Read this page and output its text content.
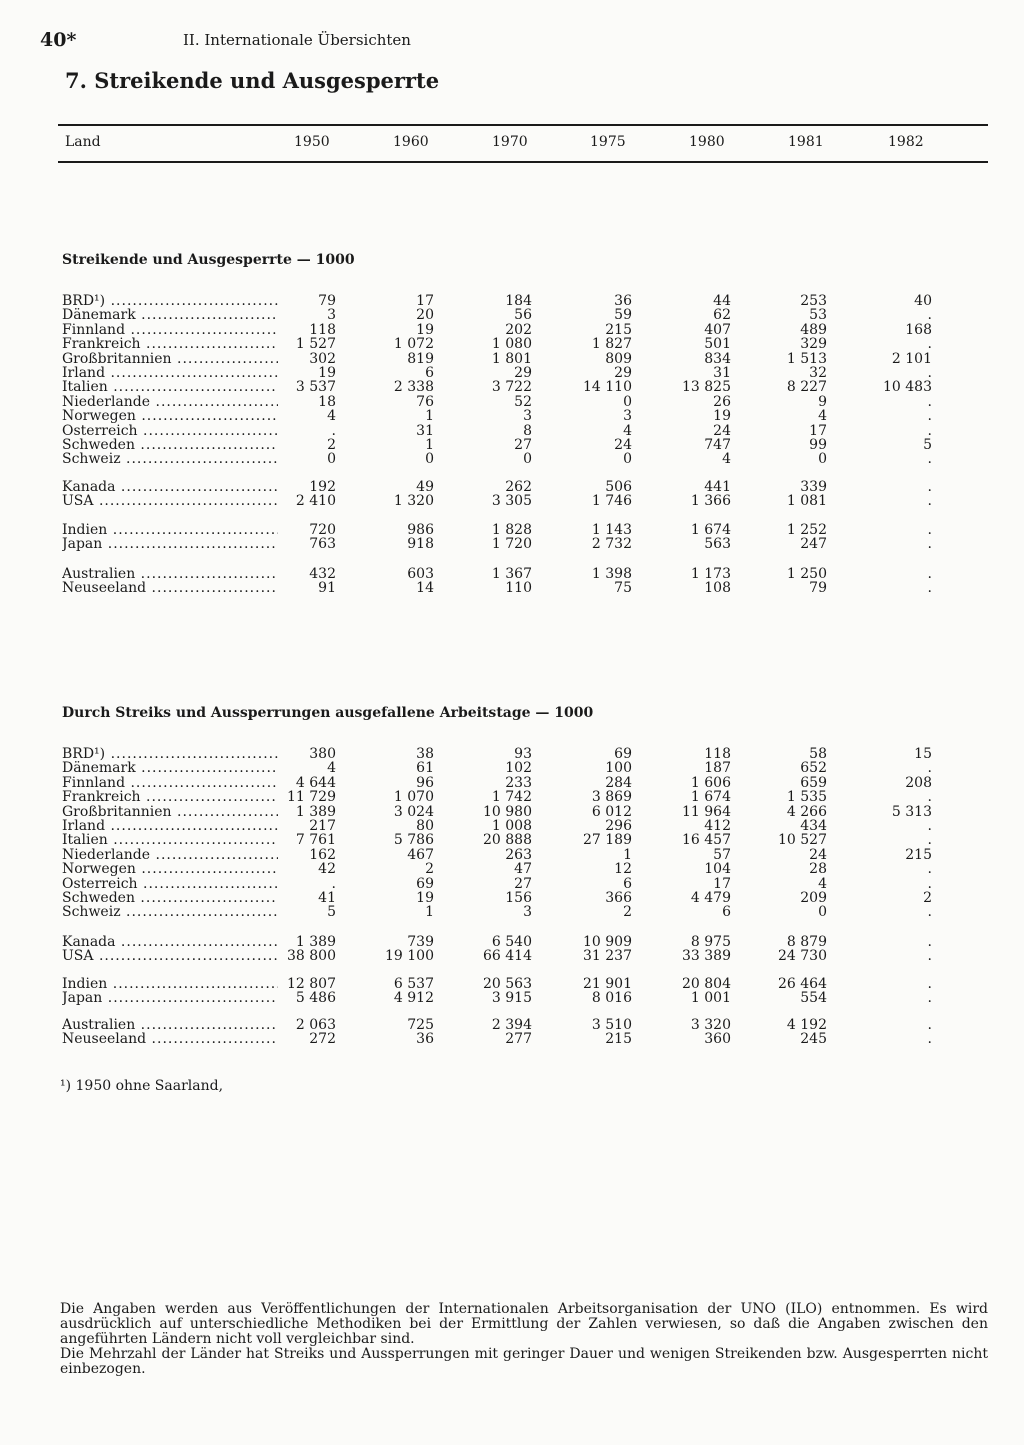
40*	II. Internationale Übersichten
7. Streikende und Ausgesperrte
Land	1950	1960	1970	1975	1980	1981	1982
Streikende und Ausgesperrte — 1000
BRD¹) .....	79	17	184	36	44	253	40
Dänemark .....	3	20	56	59	62	53	.
Finnland .....	118	19	202	215	407	489	168
Frankreich .....	1 527	1 072	1 080	1 827	501	329	.
Großbritannien .....	302	819	1 801	809	834	1 513	2 101
Irland .....	19	6	29	29	31	32	.
Italien .....	3 537	2 338	3 722	14 110	13 825	8 227	10 483
Niederlande .....	18	76	52	0	26	9	.
Norwegen .....	4	1	3	3	19	4	.
Österreich .....	.	31	8	4	24	17	.
Schweden .....	2	1	27	24	747	99	5
Schweiz .....	0	0	0	0	4	0	.
Kanada .....	192	49	262	506	441	339	.
USA .....	2 410	1 320	3 305	1 746	1 366	1 081	.
Indien .....	720	986	1 828	1 143	1 674	1 252	.
Japan .....	763	918	1 720	2 732	563	247	.
Australien .....	432	603	1 367	1 398	1 173	1 250	.
Neuseeland .....	91	14	110	75	108	79	.
Durch Streiks und Aussperrungen ausgefallene Arbeitstage — 1000
BRD¹) .....	380	38	93	69	118	58	15
Dänemark .....	4	61	102	100	187	652	.
Finnland .....	4 644	96	233	284	1 606	659	208
Frankreich .....	11 729	1 070	1 742	3 869	1 674	1 535	.
Großbritannien .....	1 389	3 024	10 980	6 012	11 964	4 266	5 313
Irland .....	217	80	1 008	296	412	434	.
Italien .....	7 761	5 786	20 888	27 189	16 457	10 527	.
Niederlande .....	162	467	263	1	57	24	215
Norwegen .....	42	2	47	12	104	28	.
Österreich .....	.	69	27	6	17	4	.
Schweden .....	41	19	156	366	4 479	209	2
Schweiz .....	5	1	3	2	6	0	.
Kanada .....	1 389	739	6 540	10 909	8 975	8 879	.
USA .....	38 800	19 100	66 414	31 237	33 389	24 730	.
Indien .....	12 807	6 537	20 563	21 901	20 804	26 464	.
Japan .....	5 486	4 912	3 915	8 016	1 001	554	.
Australien .....	2 063	725	2 394	3 510	3 320	4 192	.
Neuseeland .....	272	36	277	215	360	245	.
¹) 1950 ohne Saarland,

Die Angaben werden aus Veröffentlichungen der Internationalen Arbeitsorganisation der UNO (ILO) entnommen. Es wird ausdrücklich auf unterschiedliche Methodiken bei der Ermittlung der Zahlen verwiesen, so daß die Angaben zwischen den angeführten Ländern nicht voll vergleichbar sind.

Die Mehrzahl der Länder hat Streiks und Aussperrungen mit geringer Dauer und wenigen Streikenden bzw. Ausgesperrten nicht einbezogen.
